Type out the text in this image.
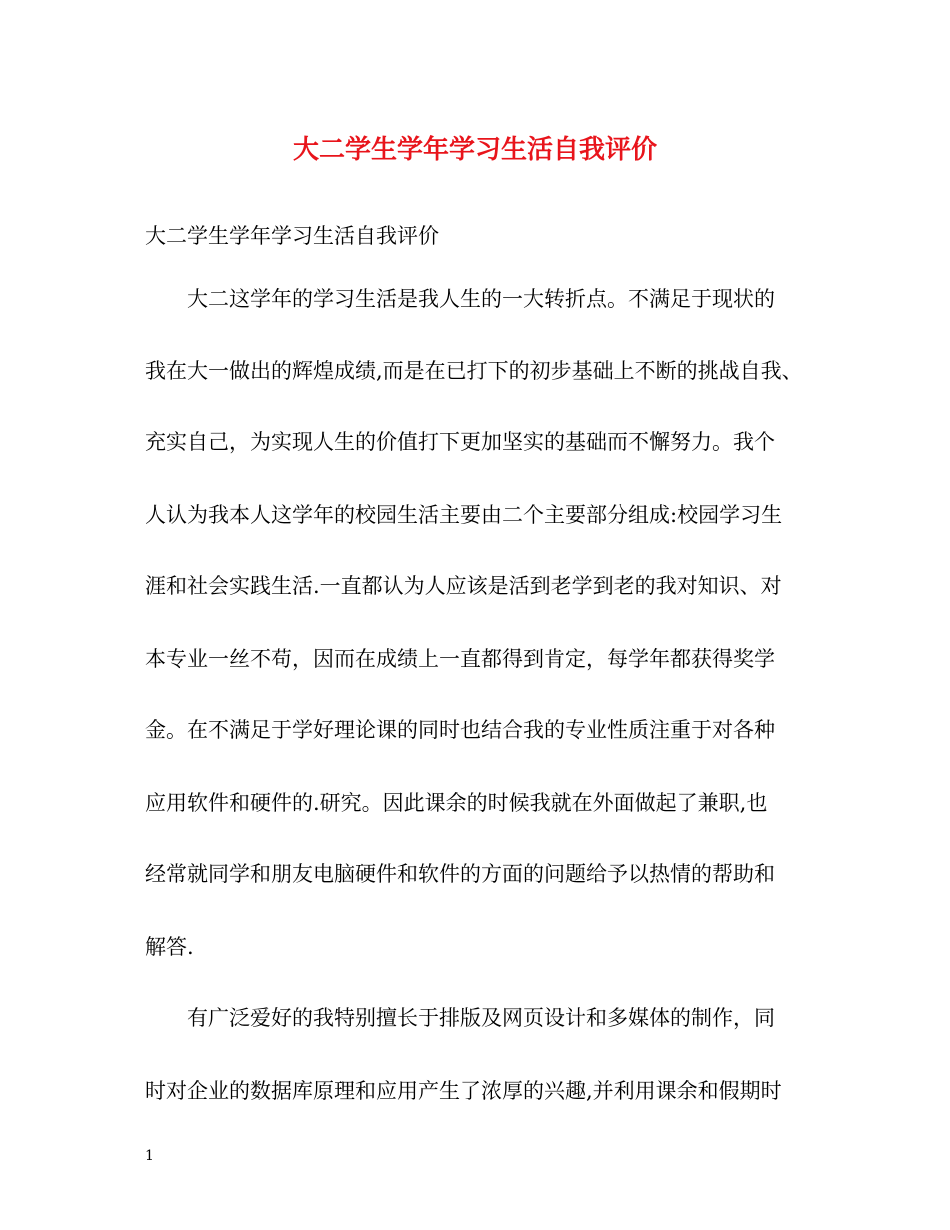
大二学生学年学习生活自我评价
大二学生学年学习生活自我评价
　　大二这学年的学习生活是我人生的一大转折点。不满足于现状的
我在大一做出的辉煌成绩,而是在已打下的初步基础上不断的挑战自我、
充实自己，为实现人生的价值打下更加坚实的基础而不懈努力。我个
人认为我本人这学年的校园生活主要由二个主要部分组成:校园学习生
涯和社会实践生活.一直都认为人应该是活到老学到老的我对知识、对
本专业一丝不苟，因而在成绩上一直都得到肯定，每学年都获得奖学
金。在不满足于学好理论课的同时也结合我的专业性质注重于对各种
应用软件和硬件的.研究。因此课余的时候我就在外面做起了兼职,也
经常就同学和朋友电脑硬件和软件的方面的问题给予以热情的帮助和
解答.
　　有广泛爱好的我特别擅长于排版及网页设计和多媒体的制作，同
时对企业的数据库原理和应用产生了浓厚的兴趣,并利用课余和假期时
1
